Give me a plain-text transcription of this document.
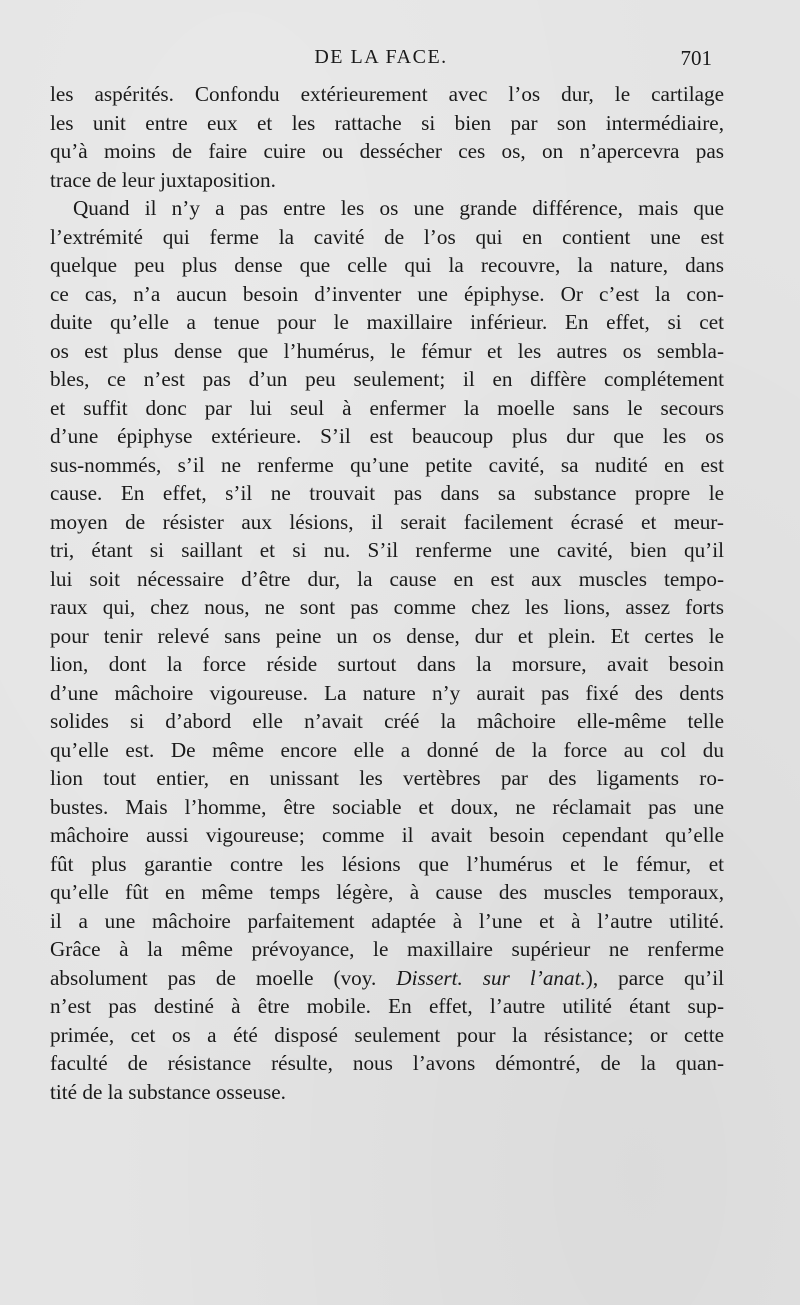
DE LA FACE.	701
les aspérités. Confondu extérieurement avec l’os dur, le cartilage
les unit entre eux et les rattache si bien par son intermédiaire,
qu’à moins de faire cuire ou dessécher ces os, on n’apercevra pas
trace de leur juxtaposition.
Quand il n’y a pas entre les os une grande différence, mais que
l’extrémité qui ferme la cavité de l’os qui en contient une est
quelque peu plus dense que celle qui la recouvre, la nature, dans
ce cas, n’a aucun besoin d’inventer une épiphyse. Or c’est la con-
duite qu’elle a tenue pour le maxillaire inférieur. En effet, si cet
os est plus dense que l’humérus, le fémur et les autres os sembla-
bles, ce n’est pas d’un peu seulement; il en diffère complétement
et suffit donc par lui seul à enfermer la moelle sans le secours
d’une épiphyse extérieure. S’il est beaucoup plus dur que les os
sus-nommés, s’il ne renferme qu’une petite cavité, sa nudité en est
cause. En effet, s’il ne trouvait pas dans sa substance propre le
moyen de résister aux lésions, il serait facilement écrasé et meur-
tri, étant si saillant et si nu. S’il renferme une cavité, bien qu’il
lui soit nécessaire d’être dur, la cause en est aux muscles tempo-
raux qui, chez nous, ne sont pas comme chez les lions, assez forts
pour tenir relevé sans peine un os dense, dur et plein. Et certes le
lion, dont la force réside surtout dans la morsure, avait besoin
d’une mâchoire vigoureuse. La nature n’y aurait pas fixé des dents
solides si d’abord elle n’avait créé la mâchoire elle-même telle
qu’elle est. De même encore elle a donné de la force au col du
lion tout entier, en unissant les vertèbres par des ligaments ro-
bustes. Mais l’homme, être sociable et doux, ne réclamait pas une
mâchoire aussi vigoureuse; comme il avait besoin cependant qu’elle
fût plus garantie contre les lésions que l’humérus et le fémur, et
qu’elle fût en même temps légère, à cause des muscles temporaux,
il a une mâchoire parfaitement adaptée à l’une et à l’autre utilité.
Grâce à la même prévoyance, le maxillaire supérieur ne renferme
absolument pas de moelle (voy. Dissert. sur l’anat.), parce qu’il
n’est pas destiné à être mobile. En effet, l’autre utilité étant sup-
primée, cet os a été disposé seulement pour la résistance; or cette
faculté de résistance résulte, nous l’avons démontré, de la quan-
tité de la substance osseuse.
